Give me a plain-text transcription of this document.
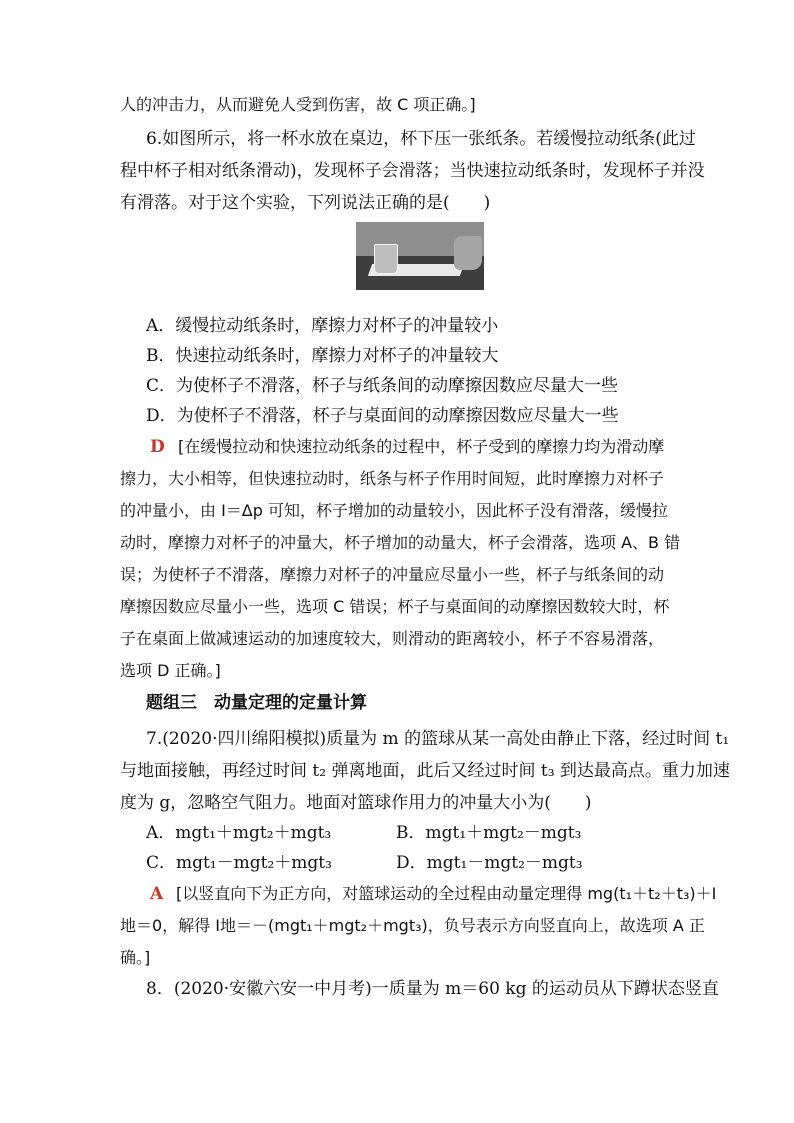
人的冲击力，从而避免人受到伤害，故 C 项正确。]
6.如图所示，将一杯水放在桌边，杯下压一张纸条。若缓慢拉动纸条(此过
程中杯子相对纸条滑动)，发现杯子会滑落；当快速拉动纸条时，发现杯子并没
有滑落。对于这个实验，下列说法正确的是(　　)
A．缓慢拉动纸条时，摩擦力对杯子的冲量较小
B．快速拉动纸条时，摩擦力对杯子的冲量较大
C．为使杯子不滑落，杯子与纸条间的动摩擦因数应尽量大一些
D．为使杯子不滑落，杯子与桌面间的动摩擦因数应尽量大一些
D [在缓慢拉动和快速拉动纸条的过程中，杯子受到的摩擦力均为滑动摩
擦力，大小相等，但快速拉动时，纸条与杯子作用时间短，此时摩擦力对杯子
的冲量小，由 I＝Δp 可知，杯子增加的动量较小，因此杯子没有滑落，缓慢拉
动时，摩擦力对杯子的冲量大，杯子增加的动量大，杯子会滑落，选项 A、B 错
误；为使杯子不滑落，摩擦力对杯子的冲量应尽量小一些，杯子与纸条间的动
摩擦因数应尽量小一些，选项 C 错误；杯子与桌面间的动摩擦因数较大时，杯
子在桌面上做减速运动的加速度较大，则滑动的距离较小，杯子不容易滑落，
选项 D 正确。]
题组三　动量定理的定量计算
7.(2020·四川绵阳模拟)质量为 m 的篮球从某一高处由静止下落，经过时间 t₁
与地面接触，再经过时间 t₂ 弹离地面，此后又经过时间 t₃ 到达最高点。重力加速
度为 g，忽略空气阻力。地面对篮球作用力的冲量大小为(　　)
A．mgt₁＋mgt₂＋mgt₃	B．mgt₁＋mgt₂－mgt₃
C．mgt₁－mgt₂＋mgt₃	D．mgt₁－mgt₂－mgt₃
A [以竖直向下为正方向，对篮球运动的全过程由动量定理得 mg(t₁＋t₂＋t₃)＋I
地＝0，解得 I地＝－(mgt₁＋mgt₂＋mgt₃)，负号表示方向竖直向上，故选项 A 正
确。]
8．(2020·安徽六安一中月考)一质量为 m＝60 kg 的运动员从下蹲状态竖直
